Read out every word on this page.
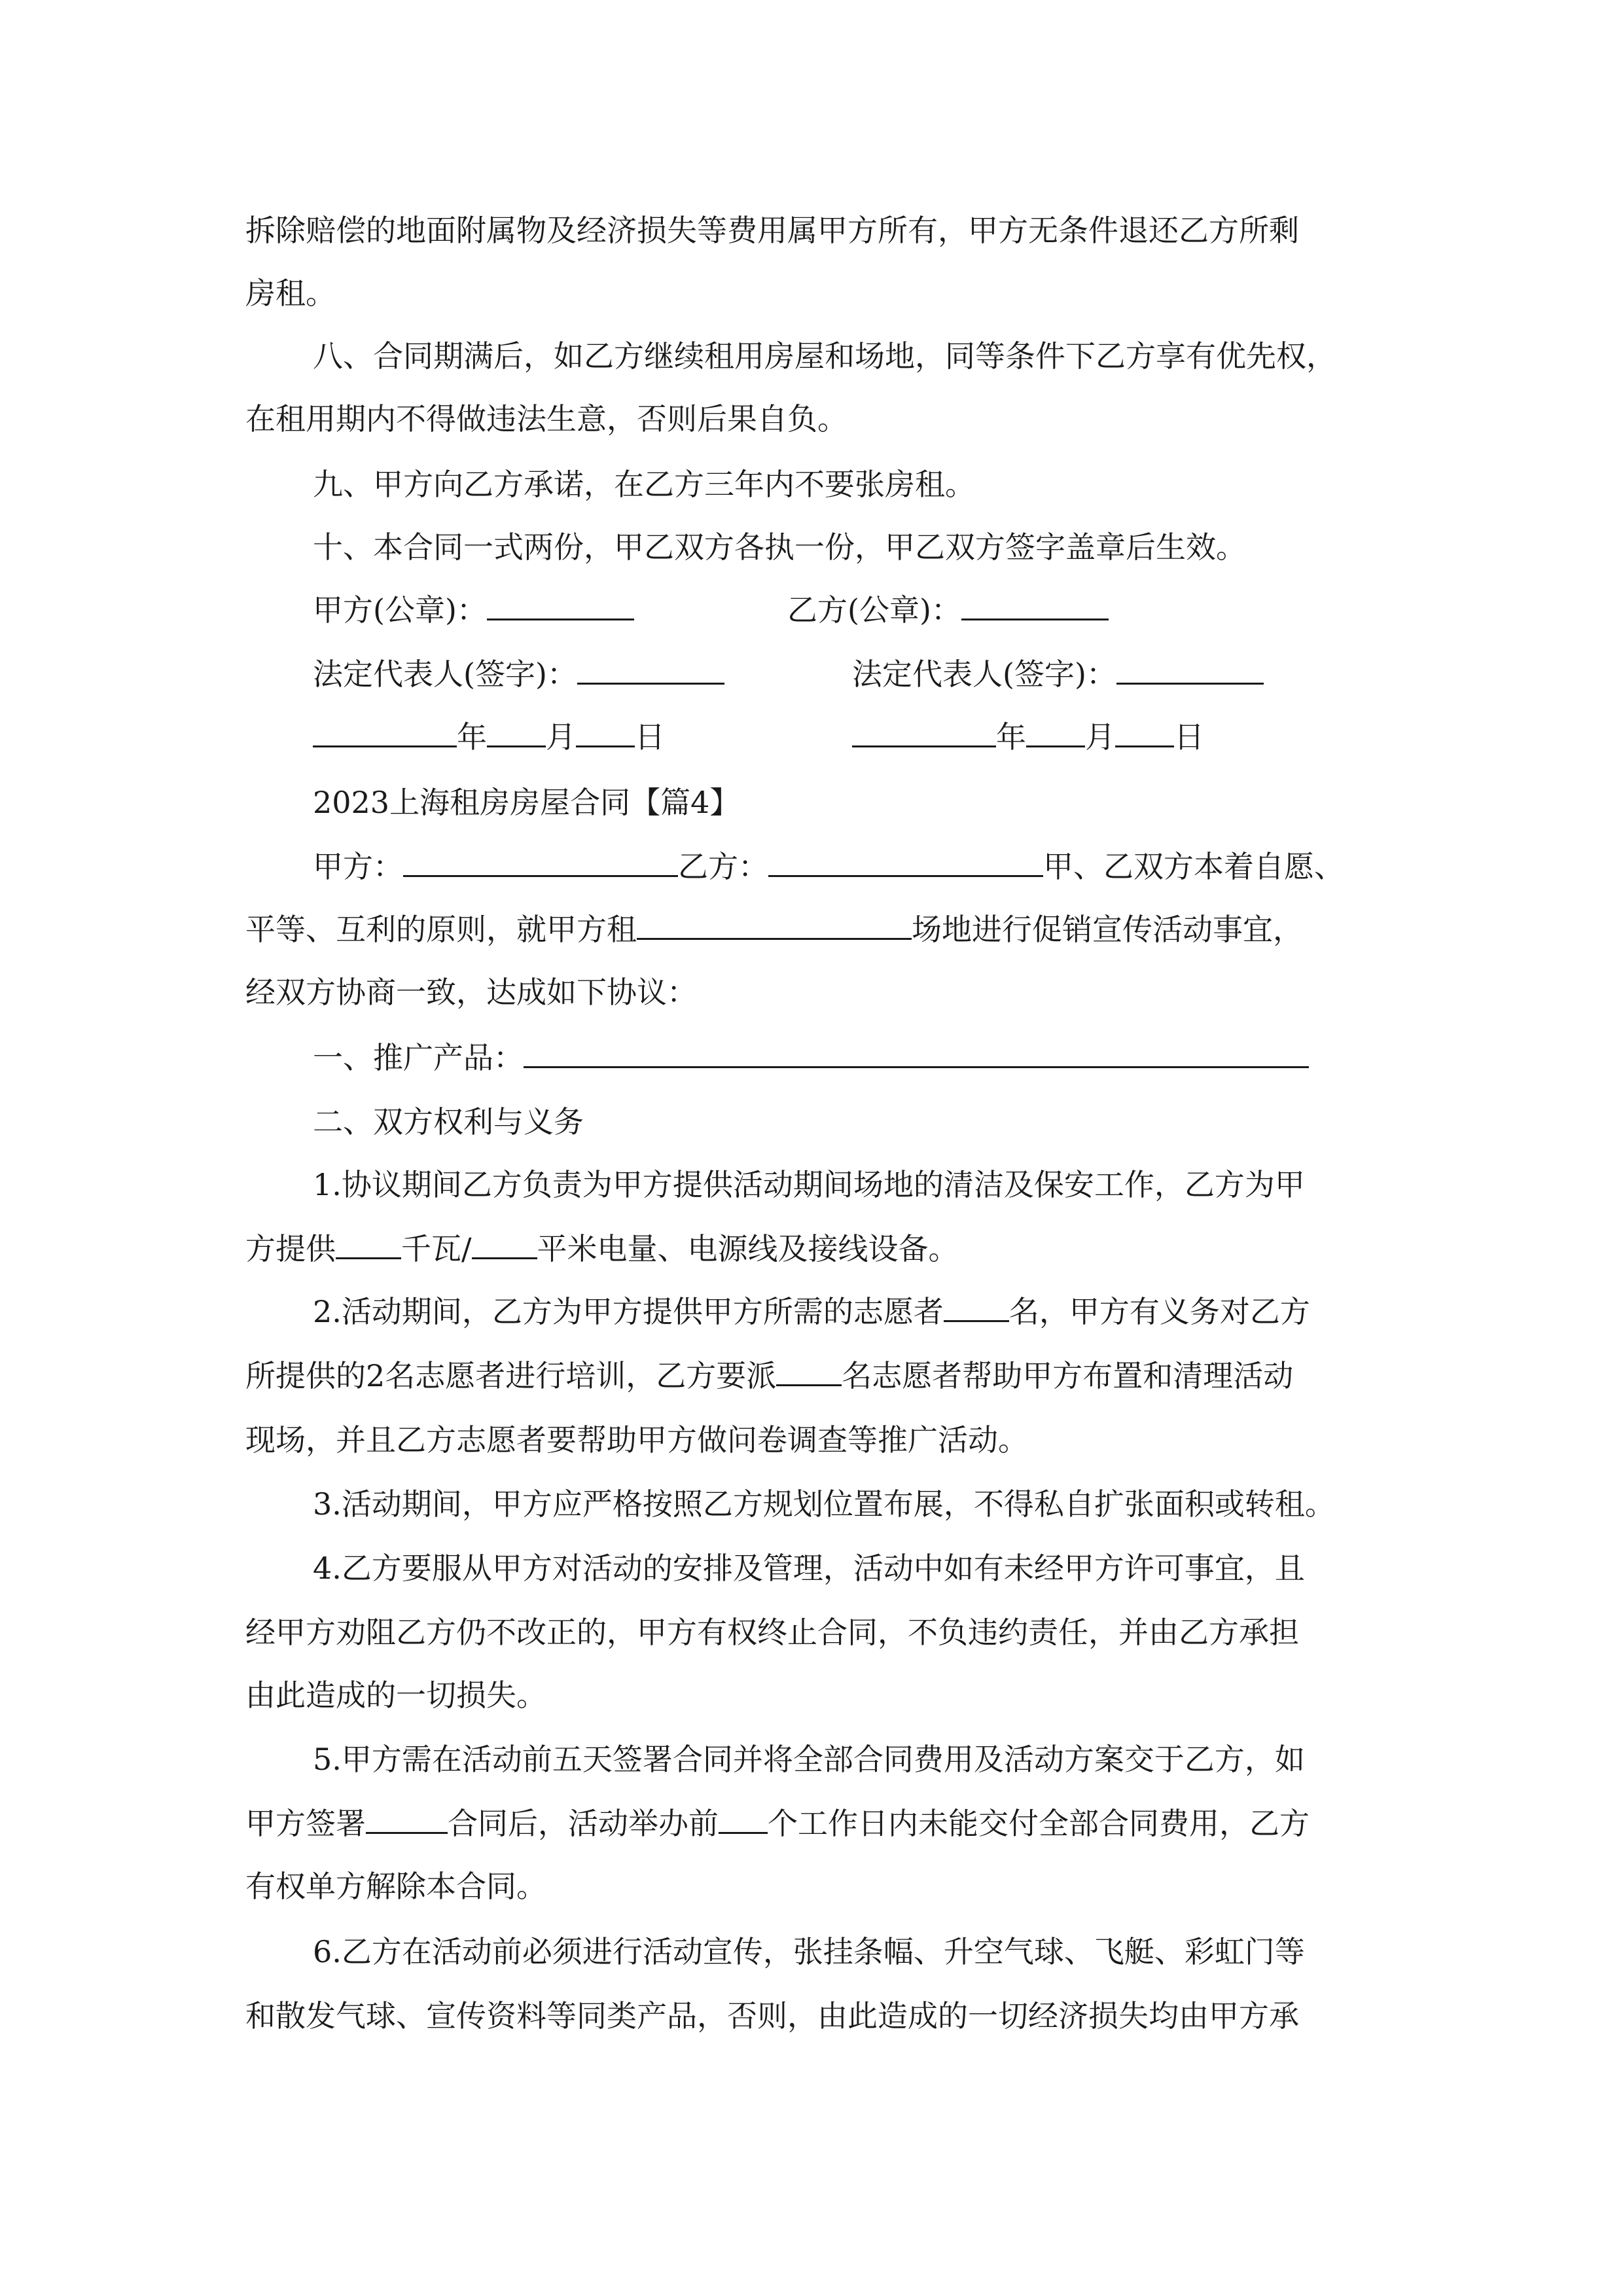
拆除赔偿的地面附属物及经济损失等费用属甲方所有，甲方无条件退还乙方所剩
房租。
八、合同期满后，如乙方继续租用房屋和场地，同等条件下乙方享有优先权，
在租用期内不得做违法生意，否则后果自负。
九、甲方向乙方承诺，在乙方三年内不要张房租。
十、本合同一式两份，甲乙双方各执一份，甲乙双方签字盖章后生效。
甲方(公章)：	乙方(公章)：
法定代表人(签字)：	法定代表人(签字)：
年 月 日	年 月 日
2023上海租房房屋合同【篇4】
甲方：	乙方：	甲、乙双方本着自愿、
平等、互利的原则，就甲方租	场地进行促销宣传活动事宜，
经双方协商一致，达成如下协议：
一、推广产品：
二、双方权利与义务
1.协议期间乙方负责为甲方提供活动期间场地的清洁及保安工作，乙方为甲
方提供 千瓦/ 平米电量、电源线及接线设备。
2.活动期间，乙方为甲方提供甲方所需的志愿者 名，甲方有义务对乙方
所提供的2名志愿者进行培训，乙方要派 名志愿者帮助甲方布置和清理活动
现场，并且乙方志愿者要帮助甲方做问卷调查等推广活动。
3.活动期间，甲方应严格按照乙方规划位置布展，不得私自扩张面积或转租。
4.乙方要服从甲方对活动的安排及管理，活动中如有未经甲方许可事宜，且
经甲方劝阻乙方仍不改正的，甲方有权终止合同，不负违约责任，并由乙方承担
由此造成的一切损失。
5.甲方需在活动前五天签署合同并将全部合同费用及活动方案交于乙方，如
甲方签署	合同后，活动举办前 个工作日内未能交付全部合同费用，乙方
有权单方解除本合同。
6.乙方在活动前必须进行活动宣传，张挂条幅、升空气球、飞艇、彩虹门等
和散发气球、宣传资料等同类产品，否则，由此造成的一切经济损失均由甲方承
